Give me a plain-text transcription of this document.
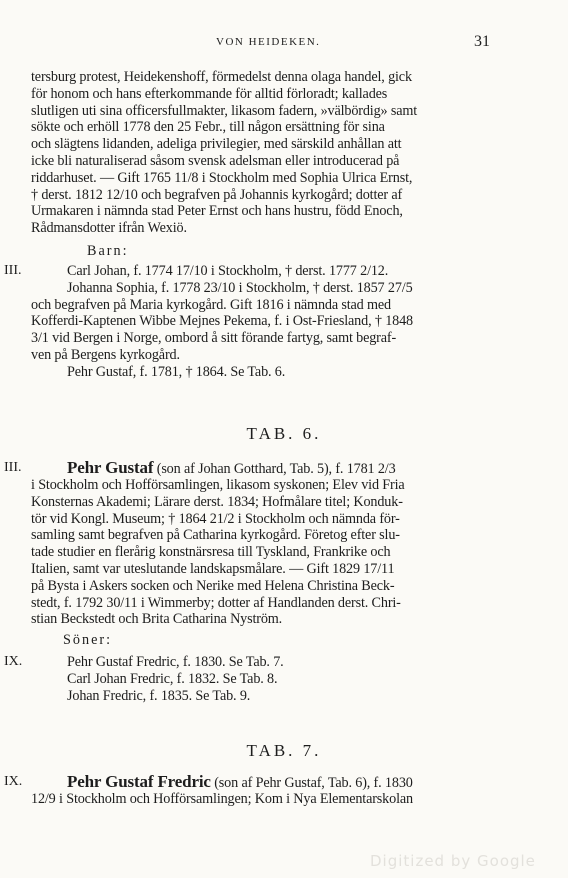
VON HEIDEKEN.	31
tersburg protest, Heidekenshoff, förmedelst denna olaga handel, gick
för honom och hans efterkommande för alltid förloradt; kallades
slutligen uti sina officersfullmakter, likasom fadern, »välbördig» samt
sökte och erhöll 1778 den 25 Febr., till någon ersättning för sina
och slägtens lidanden, adeliga privilegier, med särskild anhållan att
icke bli naturaliserad såsom svensk adelsman eller introducerad på
riddarhuset. — Gift 1765 11/8 i Stockholm med Sophia Ulrica Ernst,
† derst. 1812 12/10 och begrafven på Johannis kyrkogård; dotter af
Urmakaren i nämnda stad Peter Ernst och hans hustru, född Enoch,
Rådmansdotter ifrån Wexiö.
Barn:
III.	Carl Johan, f. 1774 17/10 i Stockholm, † derst. 1777 2/12.
Johanna Sophia, f. 1778 23/10 i Stockholm, † derst. 1857 27/5
och begrafven på Maria kyrkogård. Gift 1816 i nämnda stad med
Kofferdi-Kaptenen Wibbe Mejnes Pekema, f. i Ost-Friesland, † 1848
3/1 vid Bergen i Norge, ombord å sitt förande fartyg, samt begraf-
ven på Bergens kyrkogård.
Pehr Gustaf, f. 1781, † 1864. Se Tab. 6.
TAB. 6.
III.	Pehr Gustaf (son af Johan Gotthard, Tab. 5), f. 1781 2/3
i Stockholm och Hofförsamlingen, likasom syskonen; Elev vid Fria
Konsternas Akademi; Lärare derst. 1834; Hofmålare titel; Konduk-
tör vid Kongl. Museum; † 1864 21/2 i Stockholm och nämnda för-
samling samt begrafven på Catharina kyrkogård. Företog efter slu-
tade studier en flerårig konstnärsresa till Tyskland, Frankrike och
Italien, samt var uteslutande landskapsmålare. — Gift 1829 17/11
på Bysta i Askers socken och Nerike med Helena Christina Beck-
stedt, f. 1792 30/11 i Wimmerby; dotter af Handlanden derst. Chri-
stian Beckstedt och Brita Catharina Nyström.
Söner:
IX.	Pehr Gustaf Fredric, f. 1830. Se Tab. 7.
Carl Johan Fredric, f. 1832. Se Tab. 8.
Johan Fredric, f. 1835. Se Tab. 9.
TAB. 7.
IX.	Pehr Gustaf Fredric (son af Pehr Gustaf, Tab. 6), f. 1830
12/9 i Stockholm och Hofförsamlingen; Kom i Nya Elementarskolan
Digitized by Google
